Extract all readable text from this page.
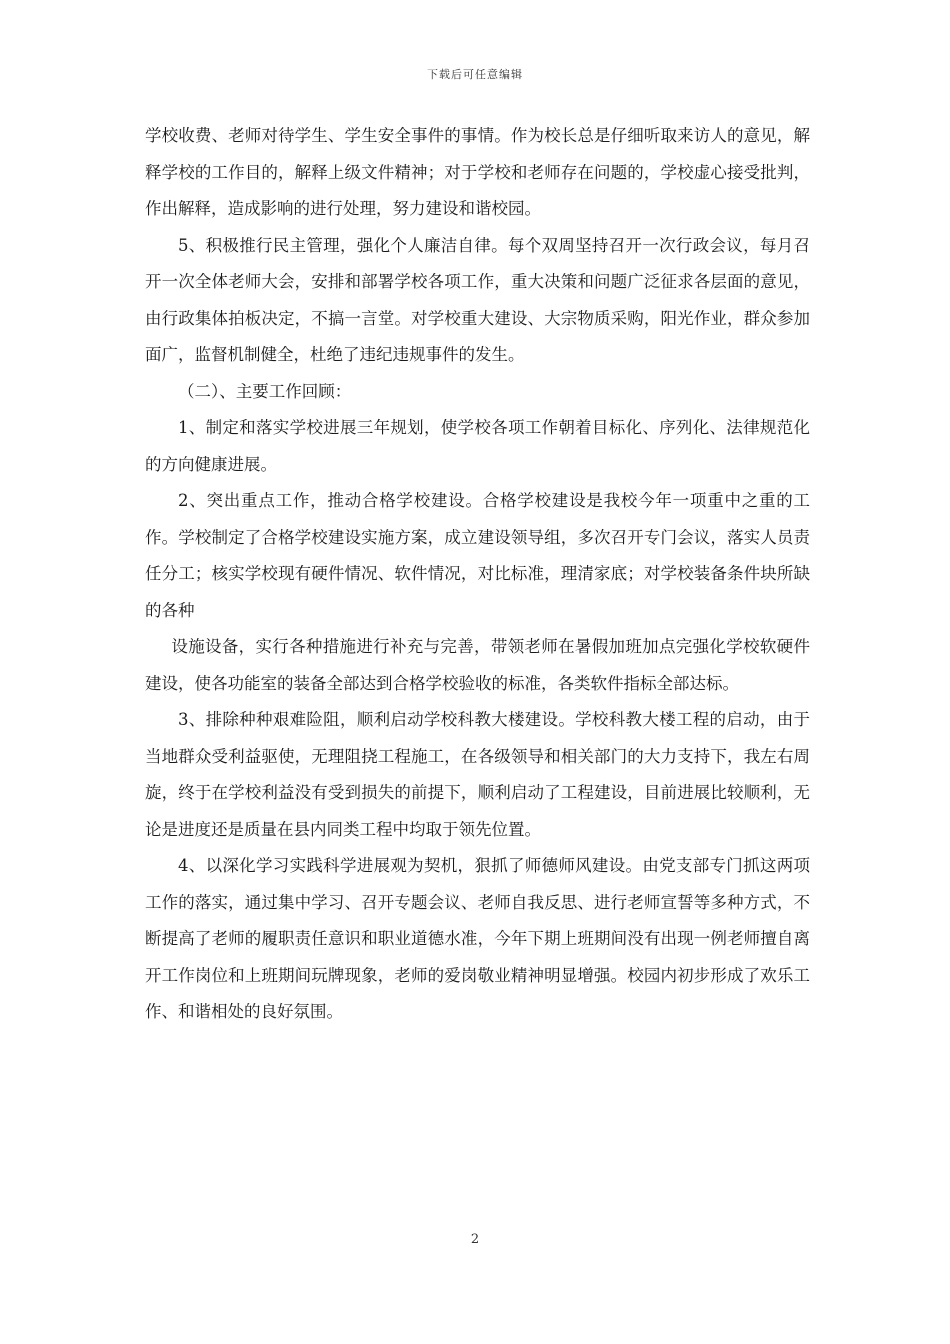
下载后可任意编辑

学校收费、老师对待学生、学生安全事件的事情。作为校长总是仔细听取来访人的意见，解释学校的工作目的，解释上级文件精神；对于学校和老师存在问题的，学校虚心接受批判，作出解释，造成影响的进行处理，努力建设和谐校园。

5、积极推行民主管理，强化个人廉洁自律。每个双周坚持召开一次行政会议，每月召开一次全体老师大会，安排和部署学校各项工作，重大决策和问题广泛征求各层面的意见，由行政集体拍板决定，不搞一言堂。对学校重大建设、大宗物质采购，阳光作业，群众参加面广，监督机制健全，杜绝了违纪违规事件的发生。

（二）、主要工作回顾：

1、制定和落实学校进展三年规划，使学校各项工作朝着目标化、序列化、法律规范化的方向健康进展。

2、突出重点工作，推动合格学校建设。合格学校建设是我校今年一项重中之重的工作。学校制定了合格学校建设实施方案，成立建设领导组，多次召开专门会议，落实人员责任分工；核实学校现有硬件情况、软件情况，对比标准，理清家底；对学校装备条件块所缺的各种

设施设备，实行各种措施进行补充与完善，带领老师在暑假加班加点完强化学校软硬件建设，使各功能室的装备全部达到合格学校验收的标准，各类软件指标全部达标。

3、排除种种艰难险阻，顺利启动学校科教大楼建设。学校科教大楼工程的启动，由于当地群众受利益驱使，无理阻挠工程施工，在各级领导和相关部门的大力支持下，我左右周旋，终于在学校利益没有受到损失的前提下，顺利启动了工程建设，目前进展比较顺利，无论是进度还是质量在县内同类工程中均取于领先位置。

4、以深化学习实践科学进展观为契机，狠抓了师德师风建设。由党支部专门抓这两项工作的落实，通过集中学习、召开专题会议、老师自我反思、进行老师宣誓等多种方式，不断提高了老师的履职责任意识和职业道德水准，今年下期上班期间没有出现一例老师擅自离开工作岗位和上班期间玩牌现象，老师的爱岗敬业精神明显增强。校园内初步形成了欢乐工作、和谐相处的良好氛围。

2
